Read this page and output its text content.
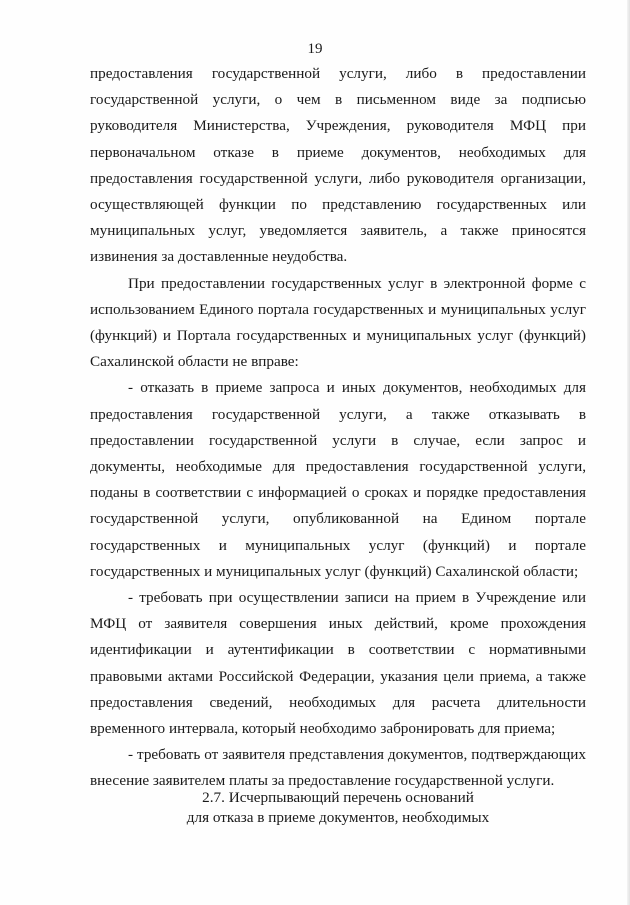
19

предоставления государственной услуги, либо в предоставлении государственной услуги, о чем в письменном виде за подписью руководителя Министерства, Учреждения, руководителя МФЦ при первоначальном отказе в приеме документов, необходимых для предоставления государственной услуги, либо руководителя организации, осуществляющей функции по представлению государственных или муниципальных услуг, уведомляется заявитель, а также приносятся извинения за доставленные неудобства.

При предоставлении государственных услуг в электронной форме с использованием Единого портала государственных и муниципальных услуг (функций) и Портала государственных и муниципальных услуг (функций) Сахалинской области не вправе:

- отказать в приеме запроса и иных документов, необходимых для предоставления государственной услуги, а также отказывать в предоставлении государственной услуги в случае, если запрос и документы, необходимые для предоставления государственной услуги, поданы в соответствии с информацией о сроках и порядке предоставления государственной услуги, опубликованной на Едином портале государственных и муниципальных услуг (функций) и портале государственных и муниципальных услуг (функций) Сахалинской области;

- требовать при осуществлении записи на прием в Учреждение или МФЦ от заявителя совершения иных действий, кроме прохождения идентификации и аутентификации в соответствии с нормативными правовыми актами Российской Федерации, указания цели приема, а также предоставления сведений, необходимых для расчета длительности временного интервала, который необходимо забронировать для приема;

- требовать от заявителя представления документов, подтверждающих внесение заявителем платы за предоставление государственной услуги.

2.7. Исчерпывающий перечень оснований
для отказа в приеме документов, необходимых
